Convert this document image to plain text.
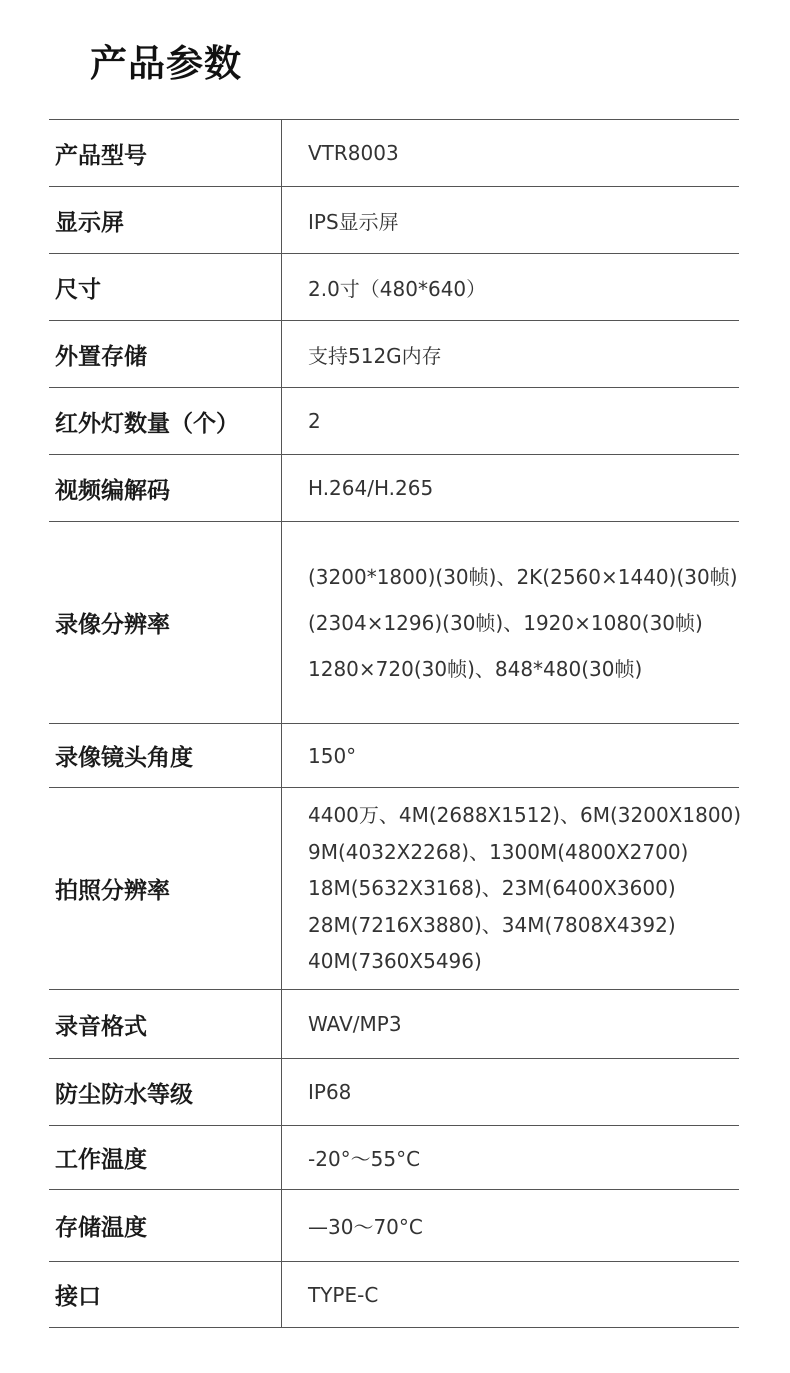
产品参数
产品型号	VTR8003

显示屏	IPS显示屏

尺寸	2.0寸（480*640）

外置存储	支持512G内存

红外灯数量（个）	2

视频编解码	H.264/H.265

录像分辨率	(3200*1800)(30帧)、2K(2560×1440)(30帧)
(2304×1296)(30帧)、1920×1080(30帧)
1280×720(30帧)、848*480(30帧)

录像镜头角度	150°

拍照分辨率	4400万、4M(2688X1512)、6M(3200X1800)
9M(4032X2268)、1300M(4800X2700)
18M(5632X3168)、23M(6400X3600)
28M(7216X3880)、34M(7808X4392)
40M(7360X5496)

录音格式	WAV/MP3

防尘防水等级	IP68

工作温度	-20°～55°C

存储温度	—30～70°C

接口	TYPE-C
